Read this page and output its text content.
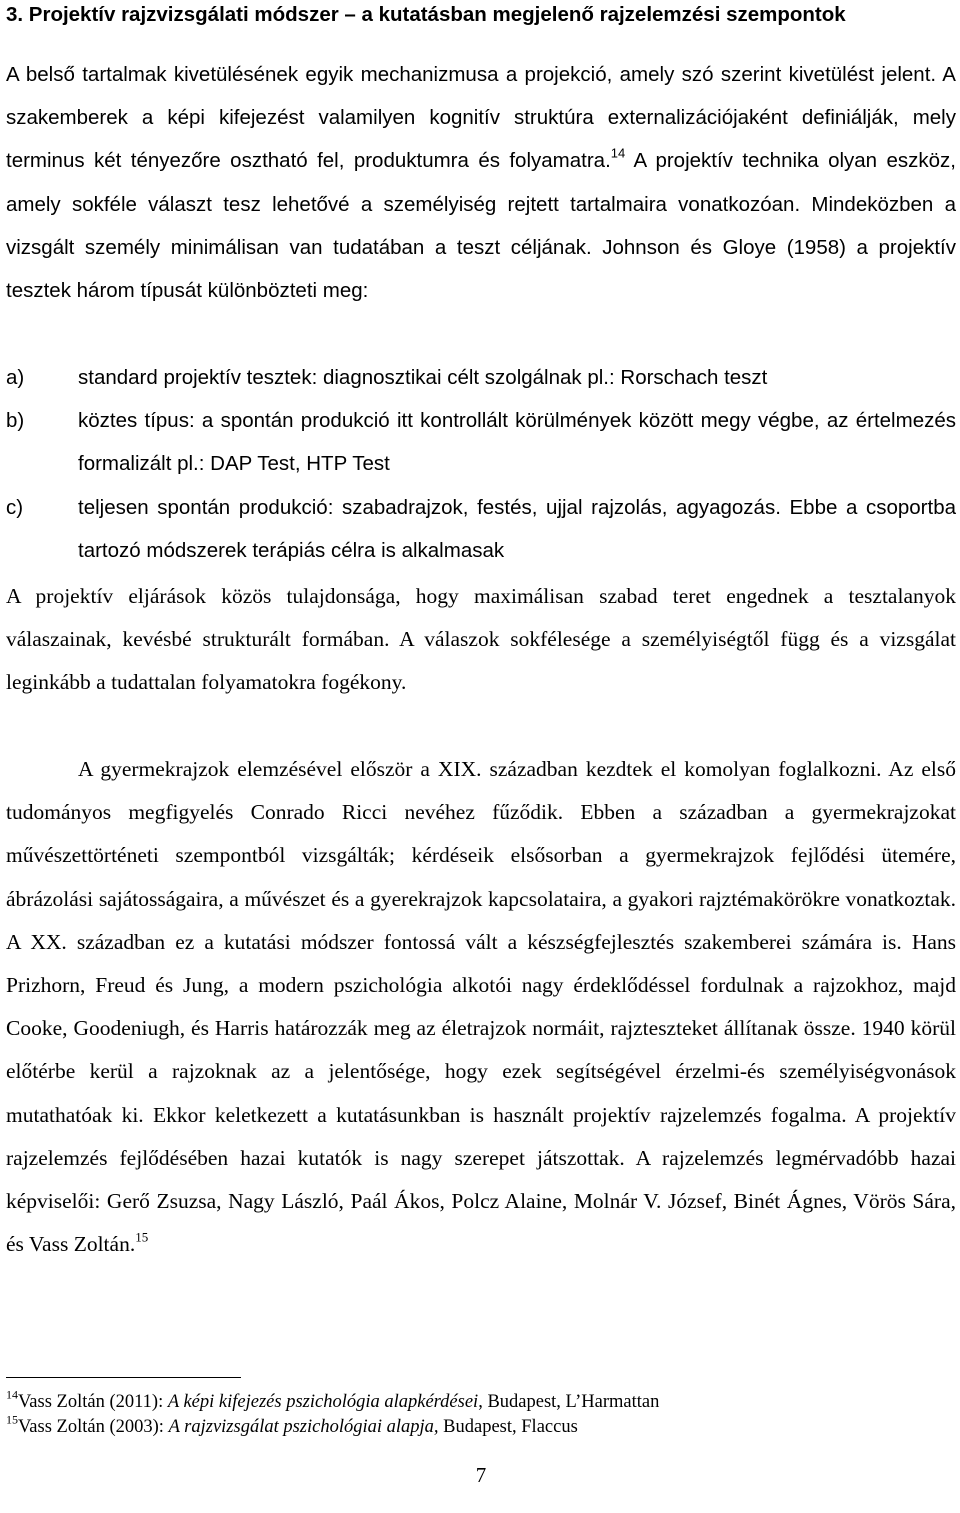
3. Projektív rajzvizsgálati módszer – a kutatásban megjelenő rajzelemzési szempontok

A belső tartalmak kivetülésének egyik mechanizmusa a projekció, amely szó szerint kivetülést jelent. A szakemberek a képi kifejezést valamilyen kognitív struktúra externalizációjaként definiálják, mely terminus két tényezőre osztható fel, produktumra és folyamatra.$^{14}$ A projektív technika olyan eszköz, amely sokféle választ tesz lehetővé a személyiség rejtett tartalmaira vonatkozóan. Mindeközben a vizsgált személy minimálisan van tudatában a teszt céljának. Johnson és Gloye (1958) a projektív tesztek három típusát különbözteti meg:

a)	standard projektív tesztek: diagnosztikai célt szolgálnak pl.: Rorschach teszt
b)	köztes típus: a spontán produkció itt kontrollált körülmények között megy végbe, az értelmezés formalizált pl.: DAP Test, HTP Test
c)	teljesen spontán produkció: szabadrajzok, festés, ujjal rajzolás, agyagozás. Ebbe a csoportba tartozó módszerek terápiás célra is alkalmasak

A projektív eljárások közös tulajdonsága, hogy maximálisan szabad teret engednek a tesztalanyok válaszainak, kevésbé strukturált formában. A válaszok sokfélesége a személyiségtől függ és a vizsgálat leginkább a tudattalan folyamatokra fogékony.

A gyermekrajzok elemzésével először a XIX. században kezdtek el komolyan foglalkozni. Az első tudományos megfigyelés Conrado Ricci nevéhez fűződik. Ebben a században a gyermekrajzokat művészettörténeti szempontból vizsgálták; kérdéseik elsősorban a gyermekrajzok fejlődési ütemére, ábrázolási sajátosságaira, a művészet és a gyerekrajzok kapcsolataira, a gyakori rajztémakörökre vonatkoztak. A XX. században ez a kutatási módszer fontossá vált a készségfejlesztés szakemberei számára is. Hans Prizhorn, Freud és Jung, a modern pszichológia alkotói nagy érdeklődéssel fordulnak a rajzokhoz, majd Cooke, Goodeniugh, és Harris határozzák meg az életrajzok normáit, rajzteszteket állítanak össze. 1940 körül előtérbe kerül a rajzoknak az a jelentősége, hogy ezek segítségével érzelmi-és személyiségvonások mutathatóak ki. Ekkor keletkezett a kutatásunkban is használt projektív rajzelemzés fogalma. A projektív rajzelemzés fejlődésében hazai kutatók is nagy szerepet játszottak. A rajzelemzés legmérvadóbb hazai képviselői: Gerő Zsuzsa, Nagy László, Paál Ákos, Polcz Alaine, Molnár V. József, Binét Ágnes, Vörös Sára, és Vass Zoltán.$^{15}$

$^{14}$Vass Zoltán (2011): A képi kifejezés pszichológia alapkérdései, Budapest, L’Harmattan
$^{15}$Vass Zoltán (2003): A rajzvizsgálat pszichológiai alapja, Budapest, Flaccus
7
